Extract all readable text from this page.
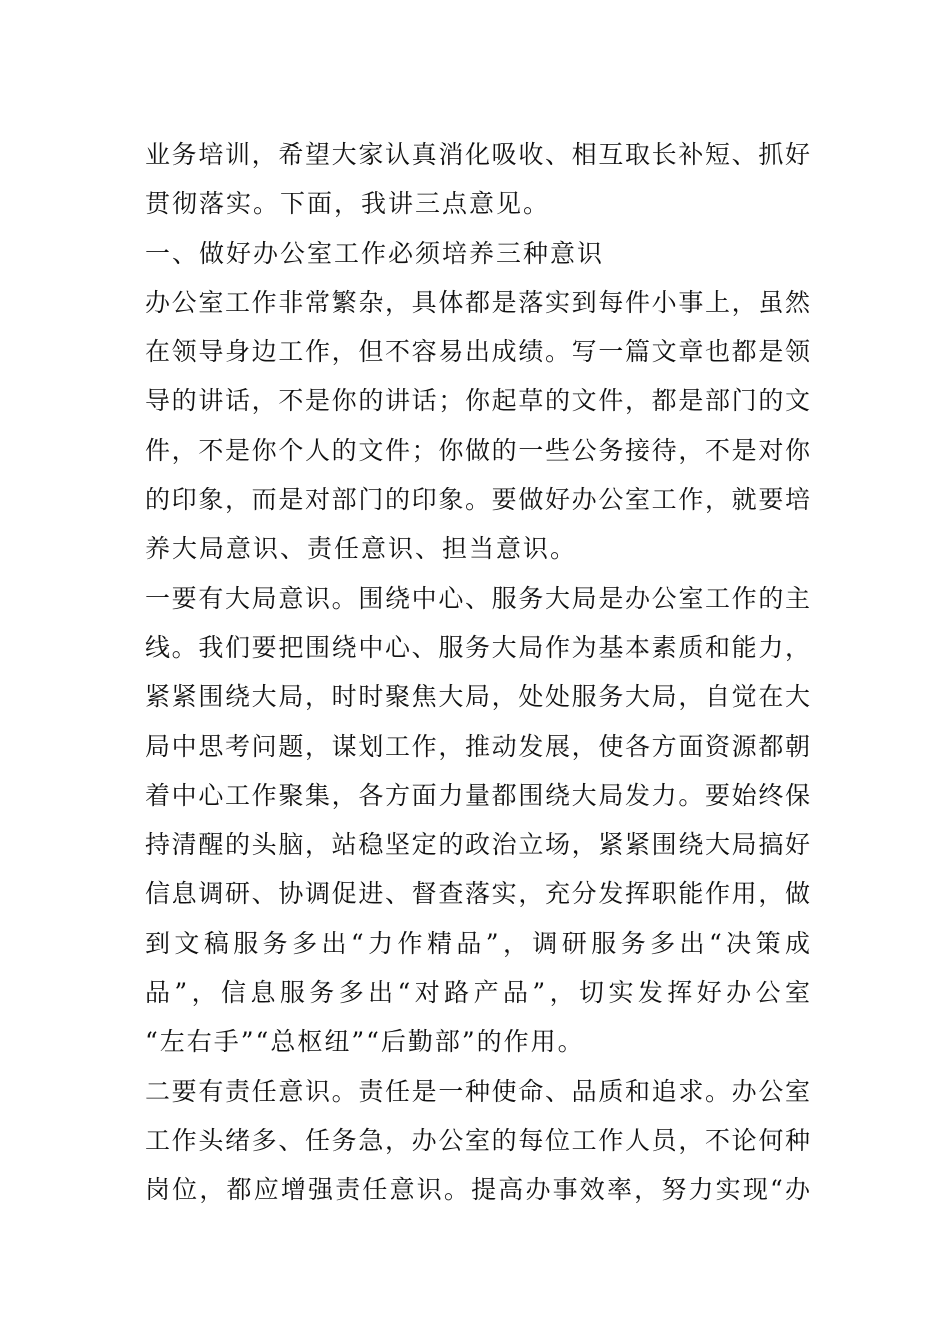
业务培训，希望大家认真消化吸收、相互取长补短、抓好
贯彻落实。下面，我讲三点意见。
一、做好办公室工作必须培养三种意识
办公室工作非常繁杂，具体都是落实到每件小事上，虽然
在领导身边工作，但不容易出成绩。写一篇文章也都是领
导的讲话，不是你的讲话；你起草的文件，都是部门的文
件，不是你个人的文件；你做的一些公务接待，不是对你
的印象，而是对部门的印象。要做好办公室工作，就要培
养大局意识、责任意识、担当意识。
一要有大局意识。围绕中心、服务大局是办公室工作的主
线。我们要把围绕中心、服务大局作为基本素质和能力，
紧紧围绕大局，时时聚焦大局，处处服务大局，自觉在大
局中思考问题，谋划工作，推动发展，使各方面资源都朝
着中心工作聚集，各方面力量都围绕大局发力。要始终保
持清醒的头脑，站稳坚定的政治立场，紧紧围绕大局搞好
信息调研、协调促进、督查落实，充分发挥职能作用，做
到文稿服务多出“力作精品”，调研服务多出“决策成
品”，信息服务多出“对路产品”，切实发挥好办公室
“左右手”“总枢纽”“后勤部”的作用。
二要有责任意识。责任是一种使命、品质和追求。办公室
工作头绪多、任务急，办公室的每位工作人员，不论何种
岗位，都应增强责任意识。提高办事效率，努力实现“办
